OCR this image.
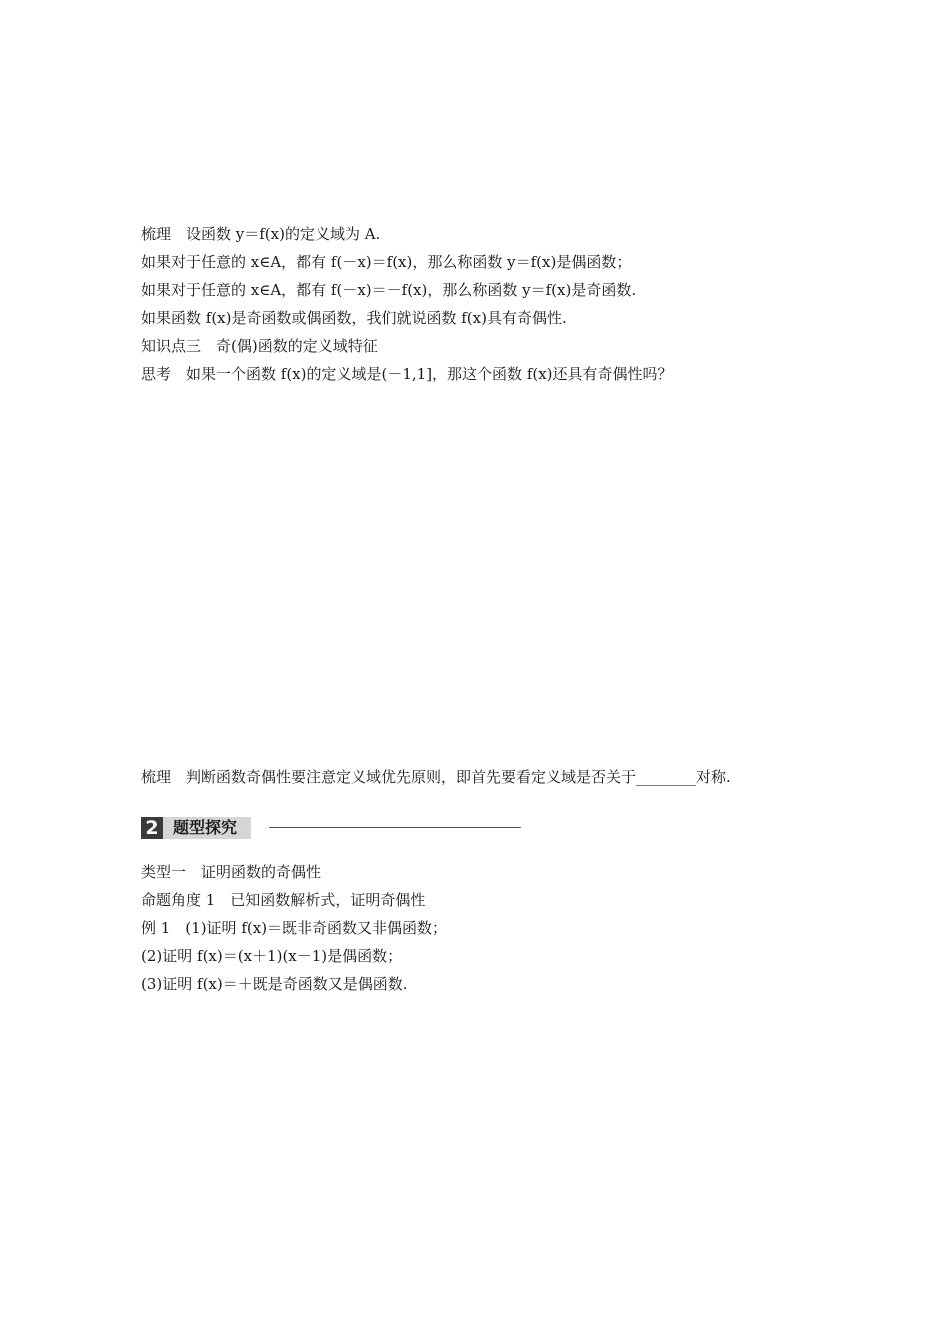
梳理　设函数 y＝f(x)的定义域为 A.
如果对于任意的 x∈A，都有 f(－x)＝f(x)，那么称函数 y＝f(x)是偶函数；
如果对于任意的 x∈A，都有 f(－x)＝－f(x)，那么称函数 y＝f(x)是奇函数.
如果函数 f(x)是奇函数或偶函数，我们就说函数 f(x)具有奇偶性.
知识点三　奇(偶)函数的定义域特征
思考　如果一个函数 f(x)的定义域是(－1,1]，那这个函数 f(x)还具有奇偶性吗？
梳理　判断函数奇偶性要注意定义域优先原则，即首先要看定义域是否关于________对称.
2 题型探究
类型一　证明函数的奇偶性
命题角度 1　已知函数解析式，证明奇偶性
例 1　(1)证明 f(x)＝既非奇函数又非偶函数；
(2)证明 f(x)＝(x＋1)(x－1)是偶函数；
(3)证明 f(x)＝＋既是奇函数又是偶函数.
